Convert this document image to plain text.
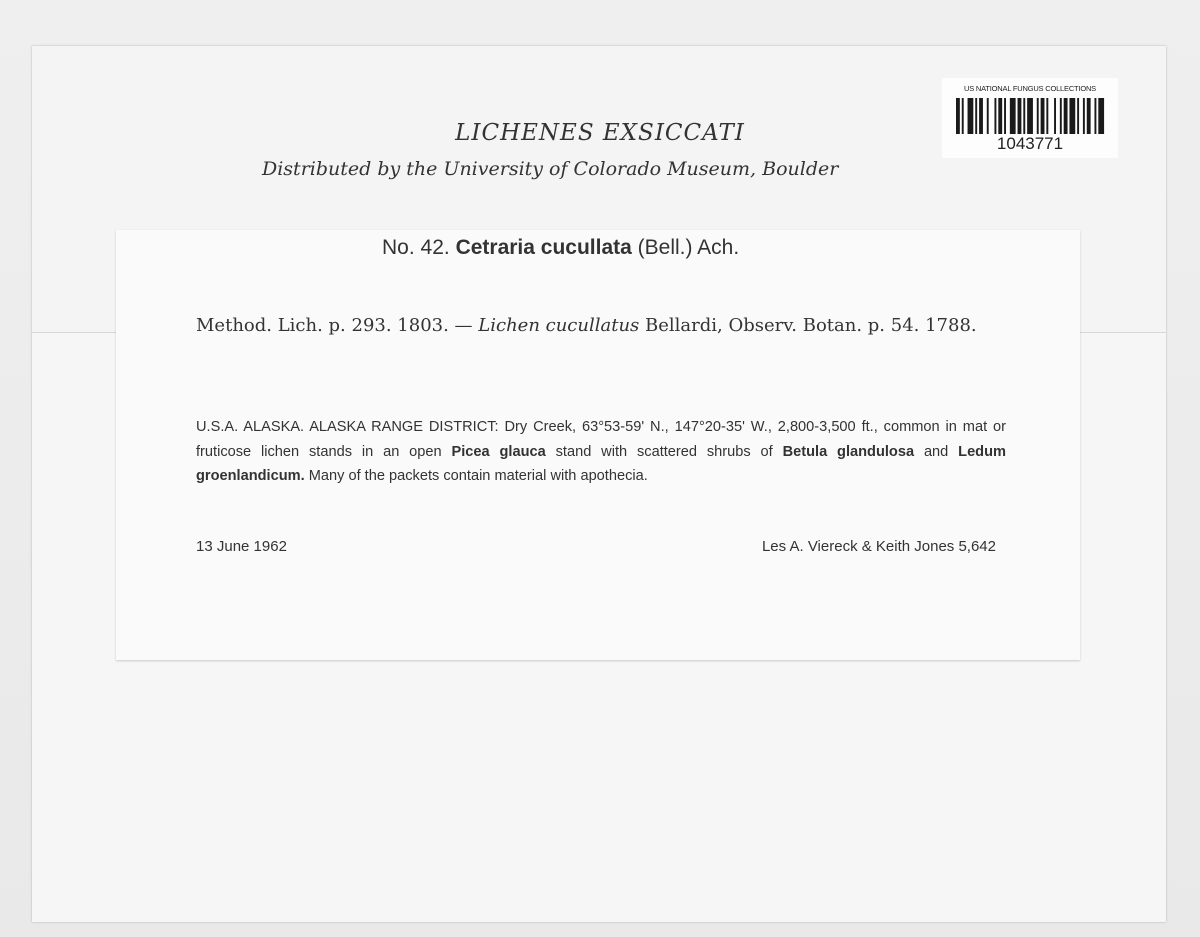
US NATIONAL FUNGUS COLLECTIONS
1043771
LICHENES EXSICCATI
Distributed by the University of Colorado Museum, Boulder
No. 42. Cetraria cucullata (Bell.) Ach.
Method. Lich. p. 293. 1803. — Lichen cucullatus Bellardi, Observ. Botan. p. 54. 1788.
U.S.A. ALASKA. ALASKA RANGE DISTRICT: Dry Creek, 63°53-59' N., 147°20-35' W., 2,800-3,500 ft., common in mat or fruticose lichen stands in an open Picea glauca stand with scattered shrubs of Betula glandulosa and Ledum groenlandicum. Many of the packets contain material with apothecia.
13 June 1962	Les A. Viereck & Keith Jones 5,642
